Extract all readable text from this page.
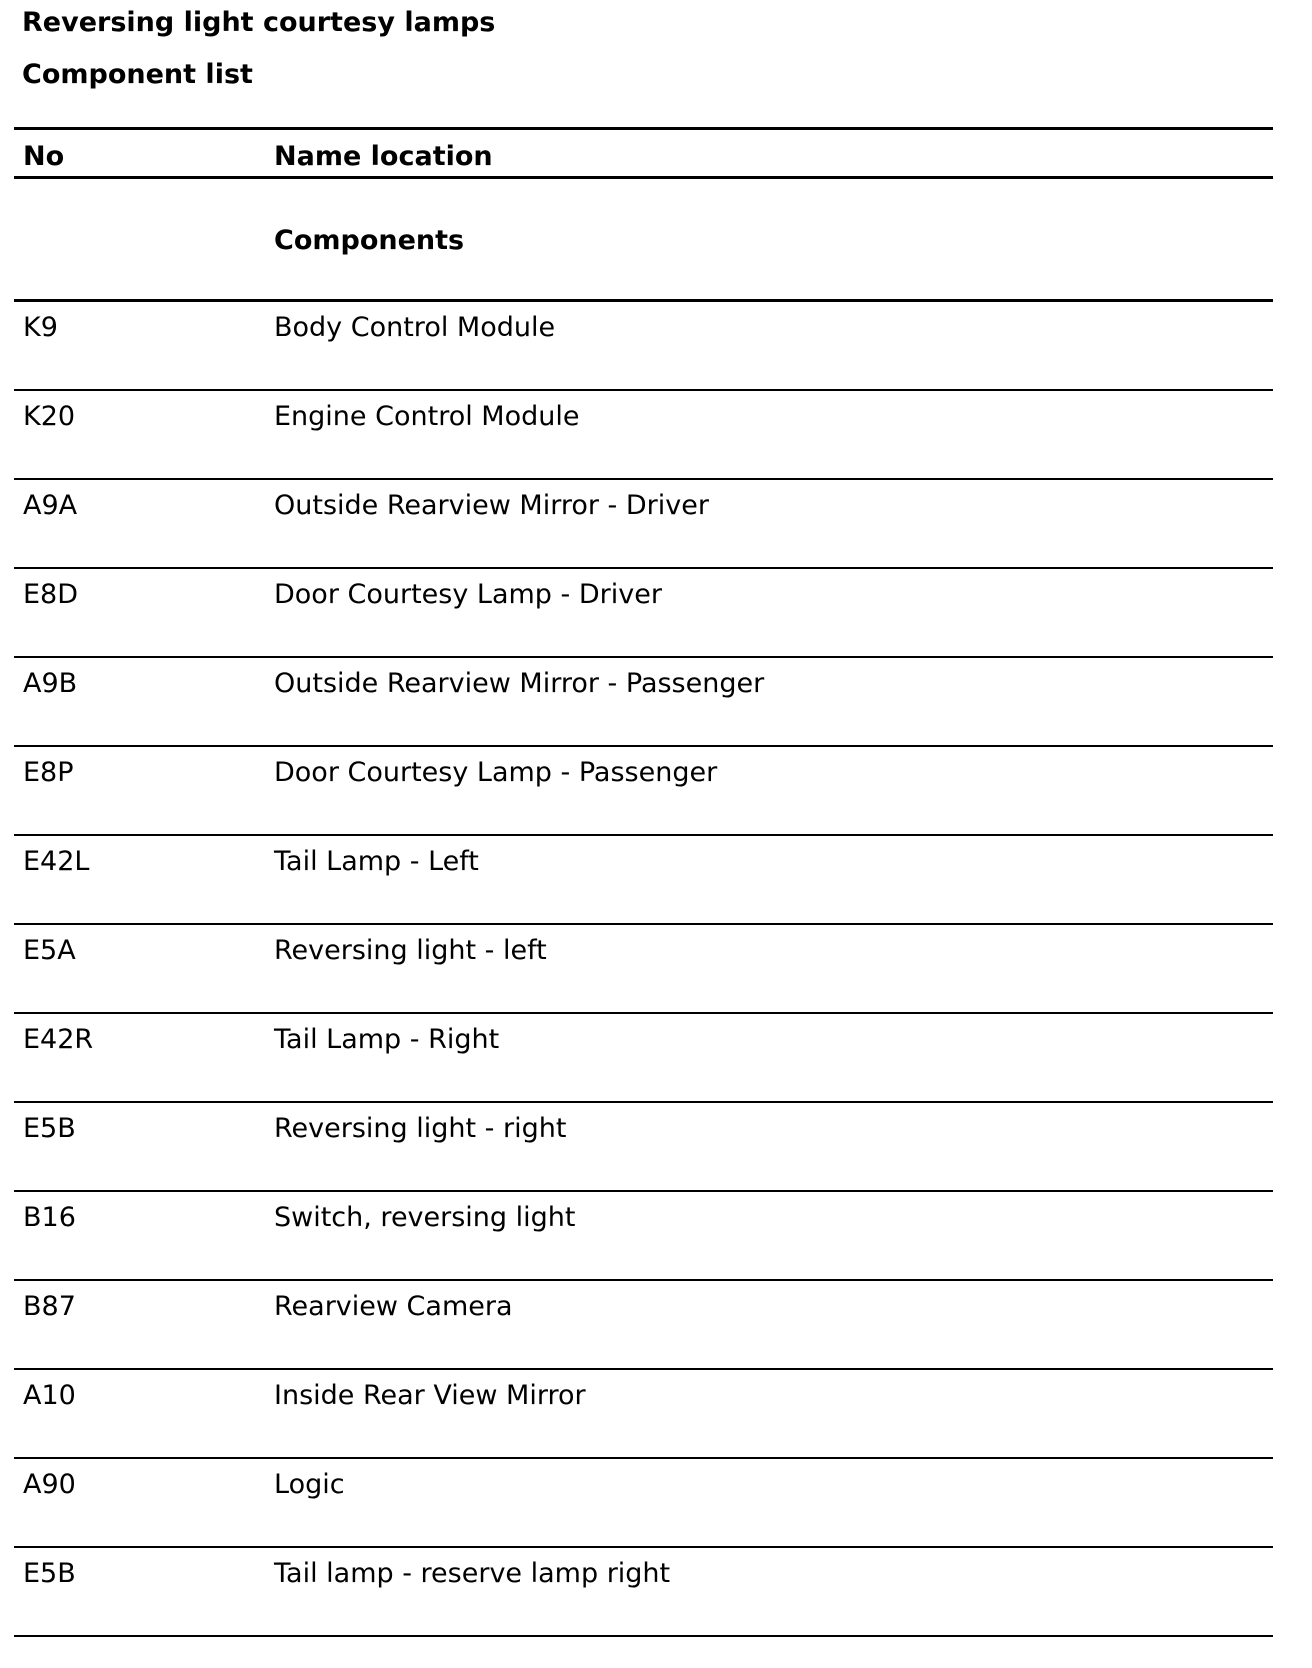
Reversing light courtesy lamps
Component list
No	Name location
Components
K9	Body Control Module
K20	Engine Control Module
A9A	Outside Rearview Mirror - Driver
E8D	Door Courtesy Lamp - Driver
A9B	Outside Rearview Mirror - Passenger
E8P	Door Courtesy Lamp - Passenger
E42L	Tail Lamp - Left
E5A	Reversing light - left
E42R	Tail Lamp - Right
E5B	Reversing light - right
B16	Switch, reversing light
B87	Rearview Camera
A10	Inside Rear View Mirror
A90	Logic
E5B	Tail lamp - reserve lamp right
